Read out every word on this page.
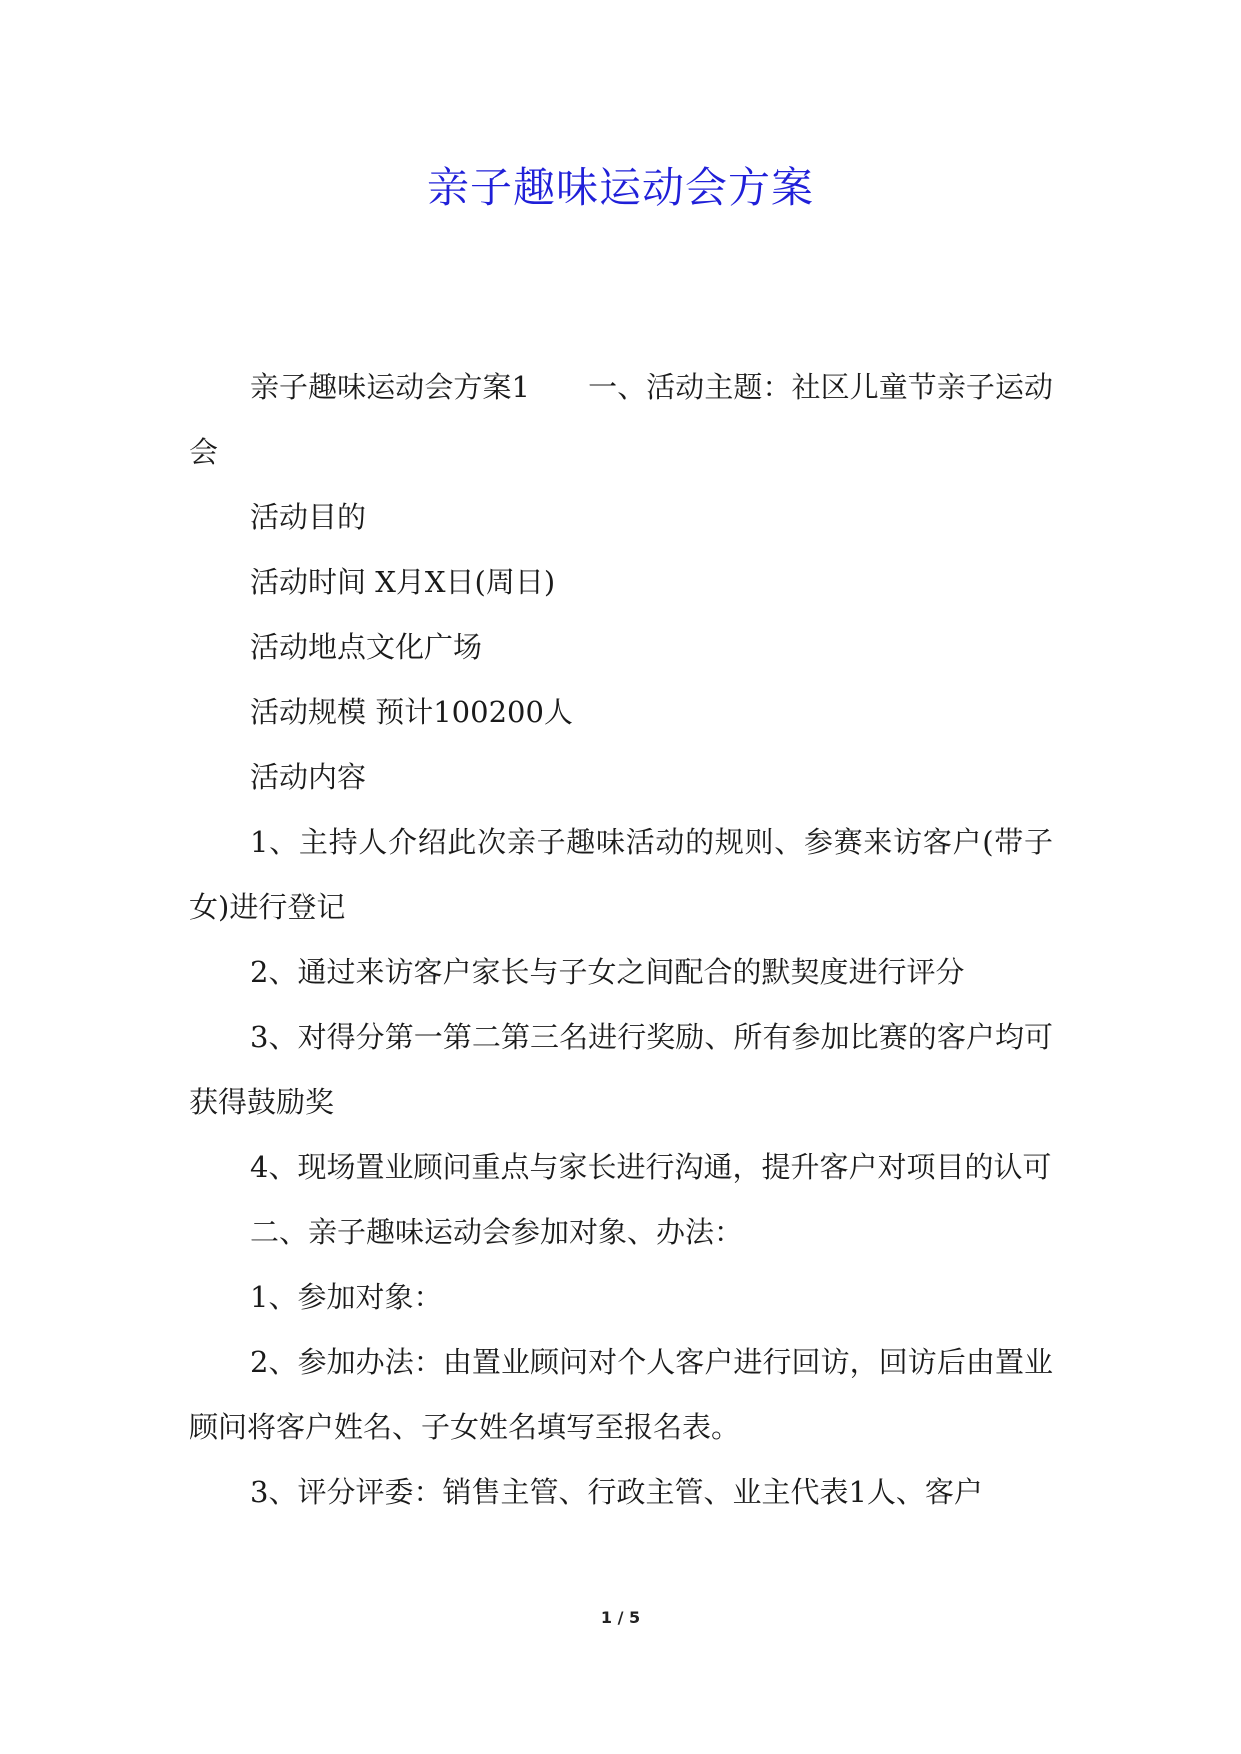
亲子趣味运动会方案

亲子趣味运动会方案1　　一、活动主题：社区儿童节亲子运动会

活动目的

活动时间 X月X日(周日)

活动地点文化广场

活动规模 预计100200人

活动内容

1、主持人介绍此次亲子趣味活动的规则、参赛来访客户(带子女)进行登记

2、通过来访客户家长与子女之间配合的默契度进行评分

3、对得分第一第二第三名进行奖励、所有参加比赛的客户均可获得鼓励奖

4、现场置业顾问重点与家长进行沟通，提升客户对项目的认可

二、亲子趣味运动会参加对象、办法：

1、参加对象：

2、参加办法：由置业顾问对个人客户进行回访，回访后由置业顾问将客户姓名、子女姓名填写至报名表。

3、评分评委：销售主管、行政主管、业主代表1人、客户

1 / 5
